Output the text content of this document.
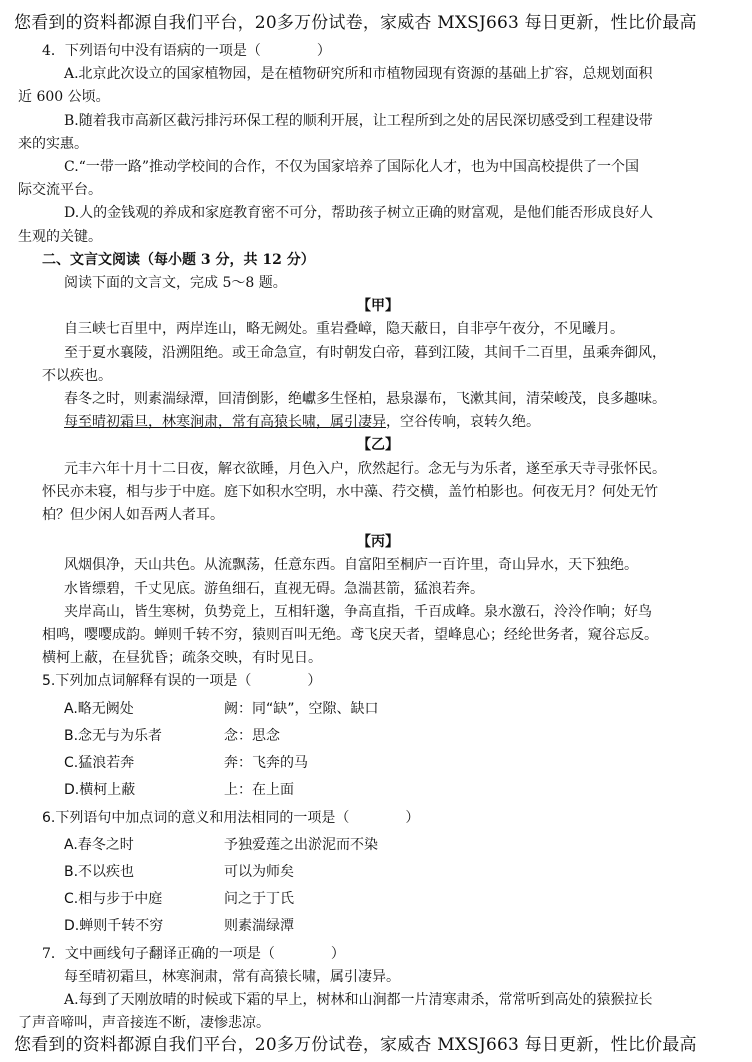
您看到的资料都源自我们平台，20多万份试卷，家威杏 MXSJ663 每日更新，性比价最高
4．下列语句中没有语病的一项是（　　　　）
A.北京此次设立的国家植物园，是在植物研究所和市植物园现有资源的基础上扩容，总规划面积
近 600 公顷。
B.随着我市高新区截污排污环保工程的顺利开展，让工程所到之处的居民深切感受到工程建设带
来的实惠。
C.“一带一路”推动学校间的合作，不仅为国家培养了国际化人才，也为中国高校提供了一个国
际交流平台。
D.人的金钱观的养成和家庭教育密不可分，帮助孩子树立正确的财富观，是他们能否形成良好人
生观的关键。
二、文言文阅读（每小题 3 分，共 12 分）
阅读下面的文言文，完成 5～8 题。
【甲】
自三峡七百里中，两岸连山，略无阙处。重岩叠嶂，隐天蔽日，自非亭午夜分，不见曦月。
至于夏水襄陵，沿溯阻绝。或王命急宣，有时朝发白帝，暮到江陵，其间千二百里，虽乘奔御风，
不以疾也。
春冬之时，则素湍绿潭，回清倒影，绝巘多生怪柏，悬泉瀑布，飞漱其间，清荣峻茂，良多趣味。
每至晴初霜旦，林寒涧肃，常有高猿长啸，属引凄异，空谷传响，哀转久绝。
【乙】
元丰六年十月十二日夜，解衣欲睡，月色入户，欣然起行。念无与为乐者，遂至承天寺寻张怀民。
怀民亦未寝，相与步于中庭。庭下如积水空明，水中藻、荇交横，盖竹柏影也。何夜无月？何处无竹
柏？但少闲人如吾两人者耳。
【丙】
风烟俱净，天山共色。从流飘荡，任意东西。自富阳至桐庐一百许里，奇山异水，天下独绝。
水皆缥碧，千丈见底。游鱼细石，直视无碍。急湍甚箭，猛浪若奔。
夹岸高山，皆生寒树，负势竞上，互相轩邈，争高直指，千百成峰。泉水激石，泠泠作响；好鸟
相鸣，嘤嘤成韵。蝉则千转不穷，猿则百叫无绝。鸢飞戾天者，望峰息心；经纶世务者，窥谷忘反。
横柯上蔽，在昼犹昏；疏条交映，有时见日。
5.下列加点词解释有误的一项是（　　　　）
A.略无阙处	阙：同“缺”，空隙、缺口
B.念无与为乐者	念：思念
C.猛浪若奔	奔：飞奔的马
D.横柯上蔽	上：在上面
6.下列语句中加点词的意义和用法相同的一项是（　　　　）
A.春冬之时	予独爱莲之出淤泥而不染
B.不以疾也	可以为师矣
C.相与步于中庭	问之于丁氏
D.蝉则千转不穷	则素湍绿潭
7．文中画线句子翻译正确的一项是（　　　　）
每至晴初霜旦，林寒涧肃，常有高猿长啸，属引凄异。
A.每到了天刚放晴的时候或下霜的早上，树林和山涧都一片清寒肃杀，常常听到高处的猿猴拉长
了声音啼叫，声音接连不断，凄惨悲凉。
您看到的资料都源自我们平台，20多万份试卷，家威杏 MXSJ663 每日更新，性比价最高
